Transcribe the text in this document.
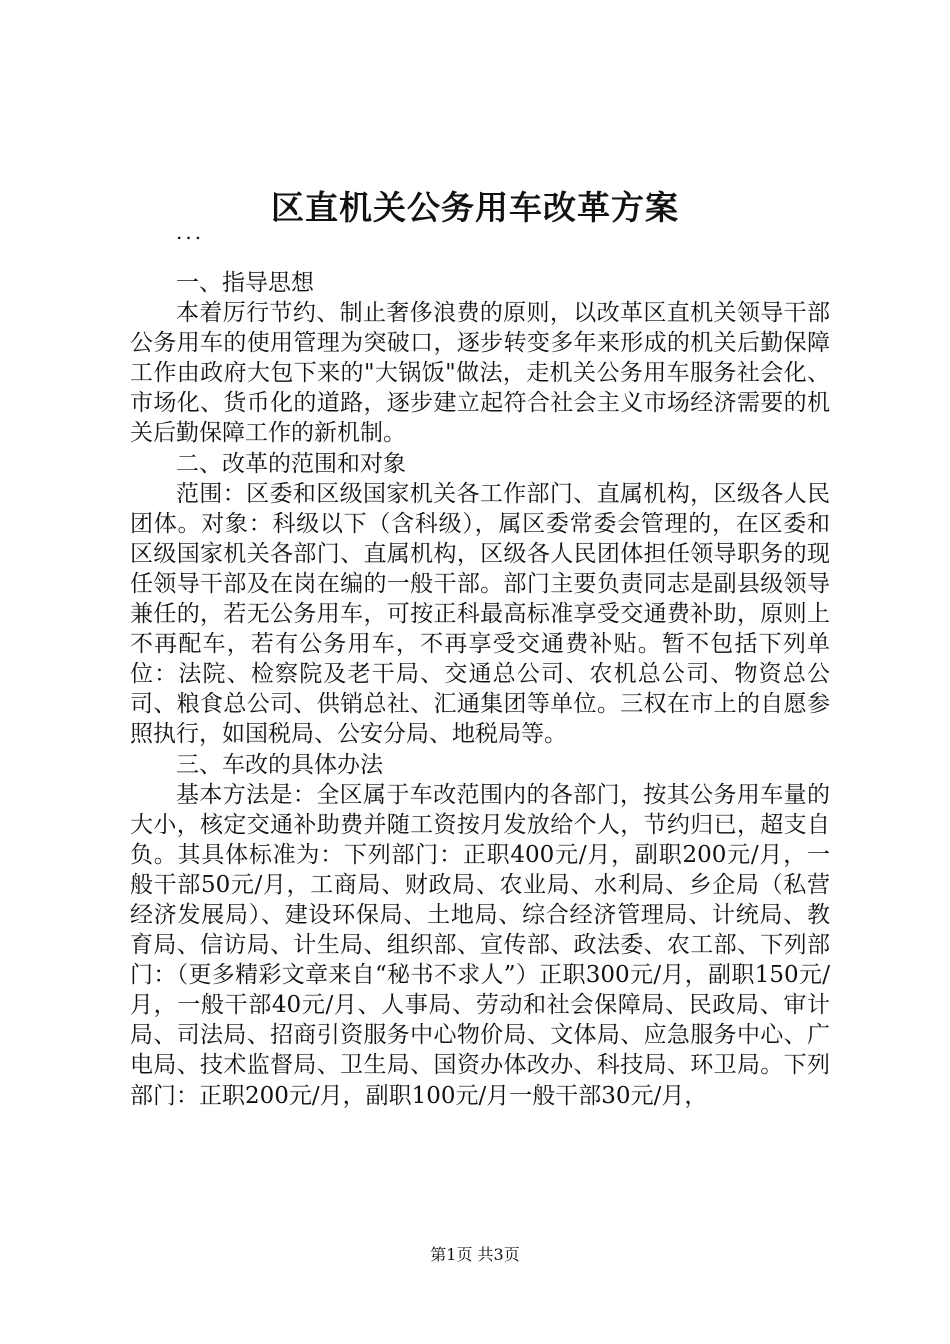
区直机关公务用车改革方案
...

一、指导思想

本着厉行节约、制止奢侈浪费的原则，以改革区直机关领导干部公务用车的使用管理为突破口，逐步转变多年来形成的机关后勤保障工作由政府大包下来的"大锅饭"做法，走机关公务用车服务社会化、市场化、货币化的道路，逐步建立起符合社会主义市场经济需要的机关后勤保障工作的新机制。

二、改革的范围和对象

范围：区委和区级国家机关各工作部门、直属机构，区级各人民团体。对象：科级以下（含科级），属区委常委会管理的，在区委和区级国家机关各部门、直属机构，区级各人民团体担任领导职务的现任领导干部及在岗在编的一般干部。部门主要负责同志是副县级领导兼任的，若无公务用车，可按正科最高标准享受交通费补助，原则上不再配车，若有公务用车，不再享受交通费补贴。暂不包括下列单位：法院、检察院及老干局、交通总公司、农机总公司、物资总公司、粮食总公司、供销总社、汇通集团等单位。三权在市上的自愿参照执行，如国税局、公安分局、地税局等。

三、车改的具体办法

基本方法是：全区属于车改范围内的各部门，按其公务用车量的大小，核定交通补助费并随工资按月发放给个人，节约归已，超支自负。其具体标准为：下列部门：正职400元/月，副职200元/月，一般干部50元/月，工商局、财政局、农业局、水利局、乡企局（私营经济发展局）、建设环保局、土地局、综合经济管理局、计统局、教育局、信访局、计生局、组织部、宣传部、政法委、农工部、下列部门：（更多精彩文章来自“秘书不求人”）正职300元/月，副职150元/月，一般干部40元/月、人事局、劳动和社会保障局、民政局、审计局、司法局、招商引资服务中心物价局、文体局、应急服务中心、广电局、技术监督局、卫生局、国资办体改办、科技局、环卫局。下列部门：正职200元/月，副职100元/月一般干部30元/月，

第1页 共3页
